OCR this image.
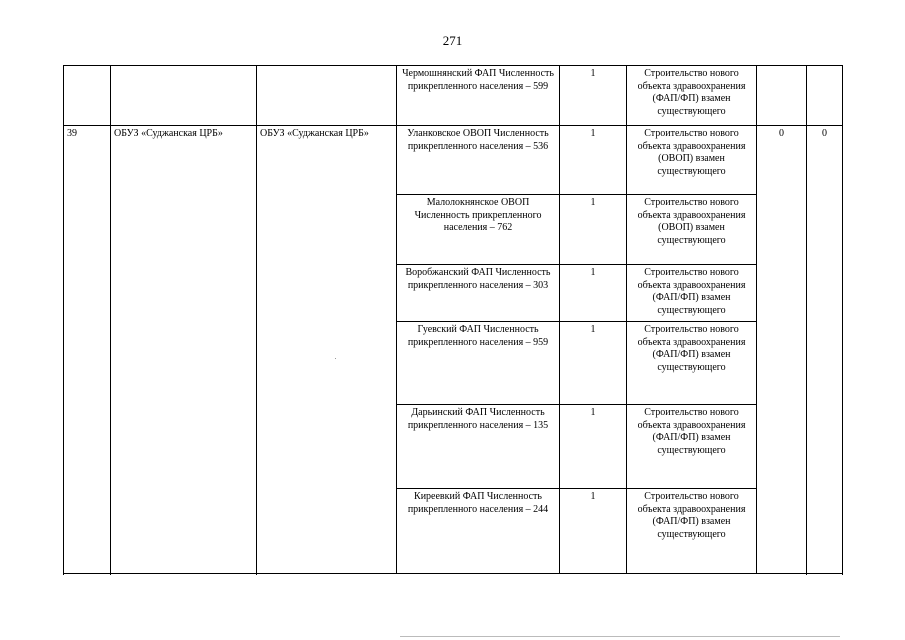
271

			Чермошнянский ФАП Численность прикрепленного населения – 599	1	Строительство нового объекта здравоохранения (ФАП/ФП) взамен существующего		
39	ОБУЗ «Суджанская ЦРБ»	ОБУЗ «Суджанская ЦРБ»	Уланковское ОВОП Численность прикрепленного населения – 536	1	Строительство нового объекта здравоохранения (ОВОП) взамен существующего	0	0
			Малолокнянское ОВОП Численность прикрепленного населения – 762	1	Строительство нового объекта здравоохранения (ОВОП) взамен существующего		
			Воробжанский ФАП Численность прикрепленного населения – 303	1	Строительство нового объекта здравоохранения (ФАП/ФП) взамен существующего		
			Гуевский ФАП Численность прикрепленного населения – 959	1	Строительство нового объекта здравоохранения (ФАП/ФП) взамен существующего		
			Дарьинский ФАП Численность прикрепленного населения – 135	1	Строительство нового объекта здравоохранения (ФАП/ФП) взамен существующего		
			Киреевкий ФАП Численность прикрепленного населения – 244	1	Строительство нового объекта здравоохранения (ФАП/ФП) взамен существующего		
